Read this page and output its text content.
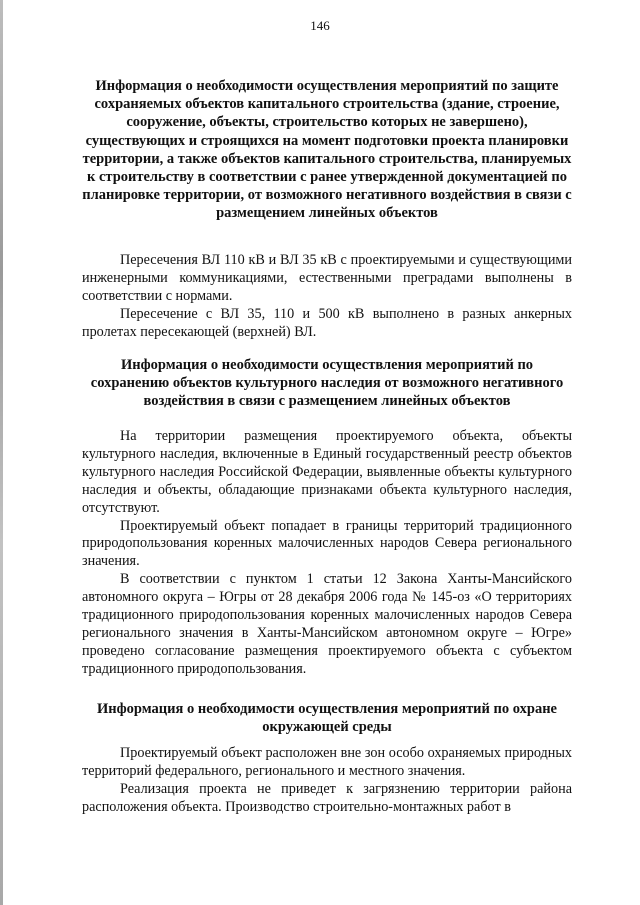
146
Информация о необходимости осуществления мероприятий по защите сохраняемых объектов капитального строительства (здание, строение, сооружение, объекты, строительство которых не завершено), существующих и строящихся на момент подготовки проекта планировки территории, а также объектов капитального строительства, планируемых к строительству в соответствии с ранее утвержденной документацией по планировке территории, от возможного негативного воздействия в связи с размещением линейных объектов

Пересечения ВЛ 110 кВ и ВЛ 35 кВ с проектируемыми и существующими инженерными коммуникациями, естественными преградами выполнены в соответствии с нормами.

Пересечение с ВЛ 35, 110 и 500 кВ выполнено в разных анкерных пролетах пересекающей (верхней) ВЛ.

Информация о необходимости осуществления мероприятий по сохранению объектов культурного наследия от возможного негативного воздействия в связи с размещением линейных объектов

На территории размещения проектируемого объекта, объекты культурного наследия, включенные в Единый государственный реестр объектов культурного наследия Российской Федерации, выявленные объекты культурного наследия и объекты, обладающие признаками объекта культурного наследия, отсутствуют.

Проектируемый объект попадает в границы территорий традиционного природопользования коренных малочисленных народов Севера регионального значения.

В соответствии с пунктом 1 статьи 12 Закона Ханты-Мансийского автономного округа – Югры от 28 декабря 2006 года № 145-оз «О территориях традиционного природопользования коренных малочисленных народов Севера регионального значения в Ханты-Мансийском автономном округе – Югре» проведено согласование размещения проектируемого объекта с субъектом традиционного природопользования.

Информация о необходимости осуществления мероприятий по охране окружающей среды

Проектируемый объект расположен вне зон особо охраняемых природных территорий федерального, регионального и местного значения.

Реализация проекта не приведет к загрязнению территории района расположения объекта. Производство строительно-монтажных работ в
